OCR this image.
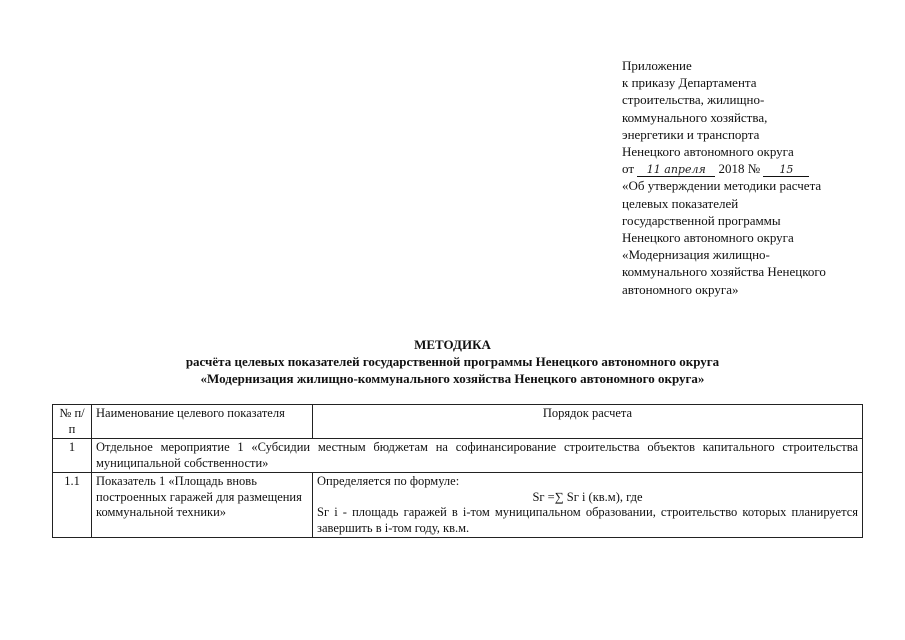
Приложение
к приказу Департамента
строительства, жилищно-
коммунального хозяйства,
энергетики и транспорта
Ненецкого автономного округа
от 11 апреля 2018 № 15
«Об утверждении методики расчета
целевых показателей
государственной программы
Ненецкого автономного округа
«Модернизация жилищно-
коммунального хозяйства Ненецкого
автономного округа»
МЕТОДИКА
расчёта целевых показателей государственной программы Ненецкого автономного округа
«Модернизация жилищно-коммунального хозяйства Ненецкого автономного округа»
№ п/п	Наименование целевого показателя	Порядок расчета
1	Отдельное мероприятие 1 «Субсидии местным бюджетам на софинансирование строительства объектов капитального строительства муниципальной собственности»	
1.1	Показатель 1 «Площадь вновь построенных гаражей для размещения коммунальной техники»	Определяется по формуле:
Sг =∑ Sг i (кв.м), где
Sг i - площадь гаражей в i-том муниципальном образовании, строительство которых планируется завершить в i-том году, кв.м.
